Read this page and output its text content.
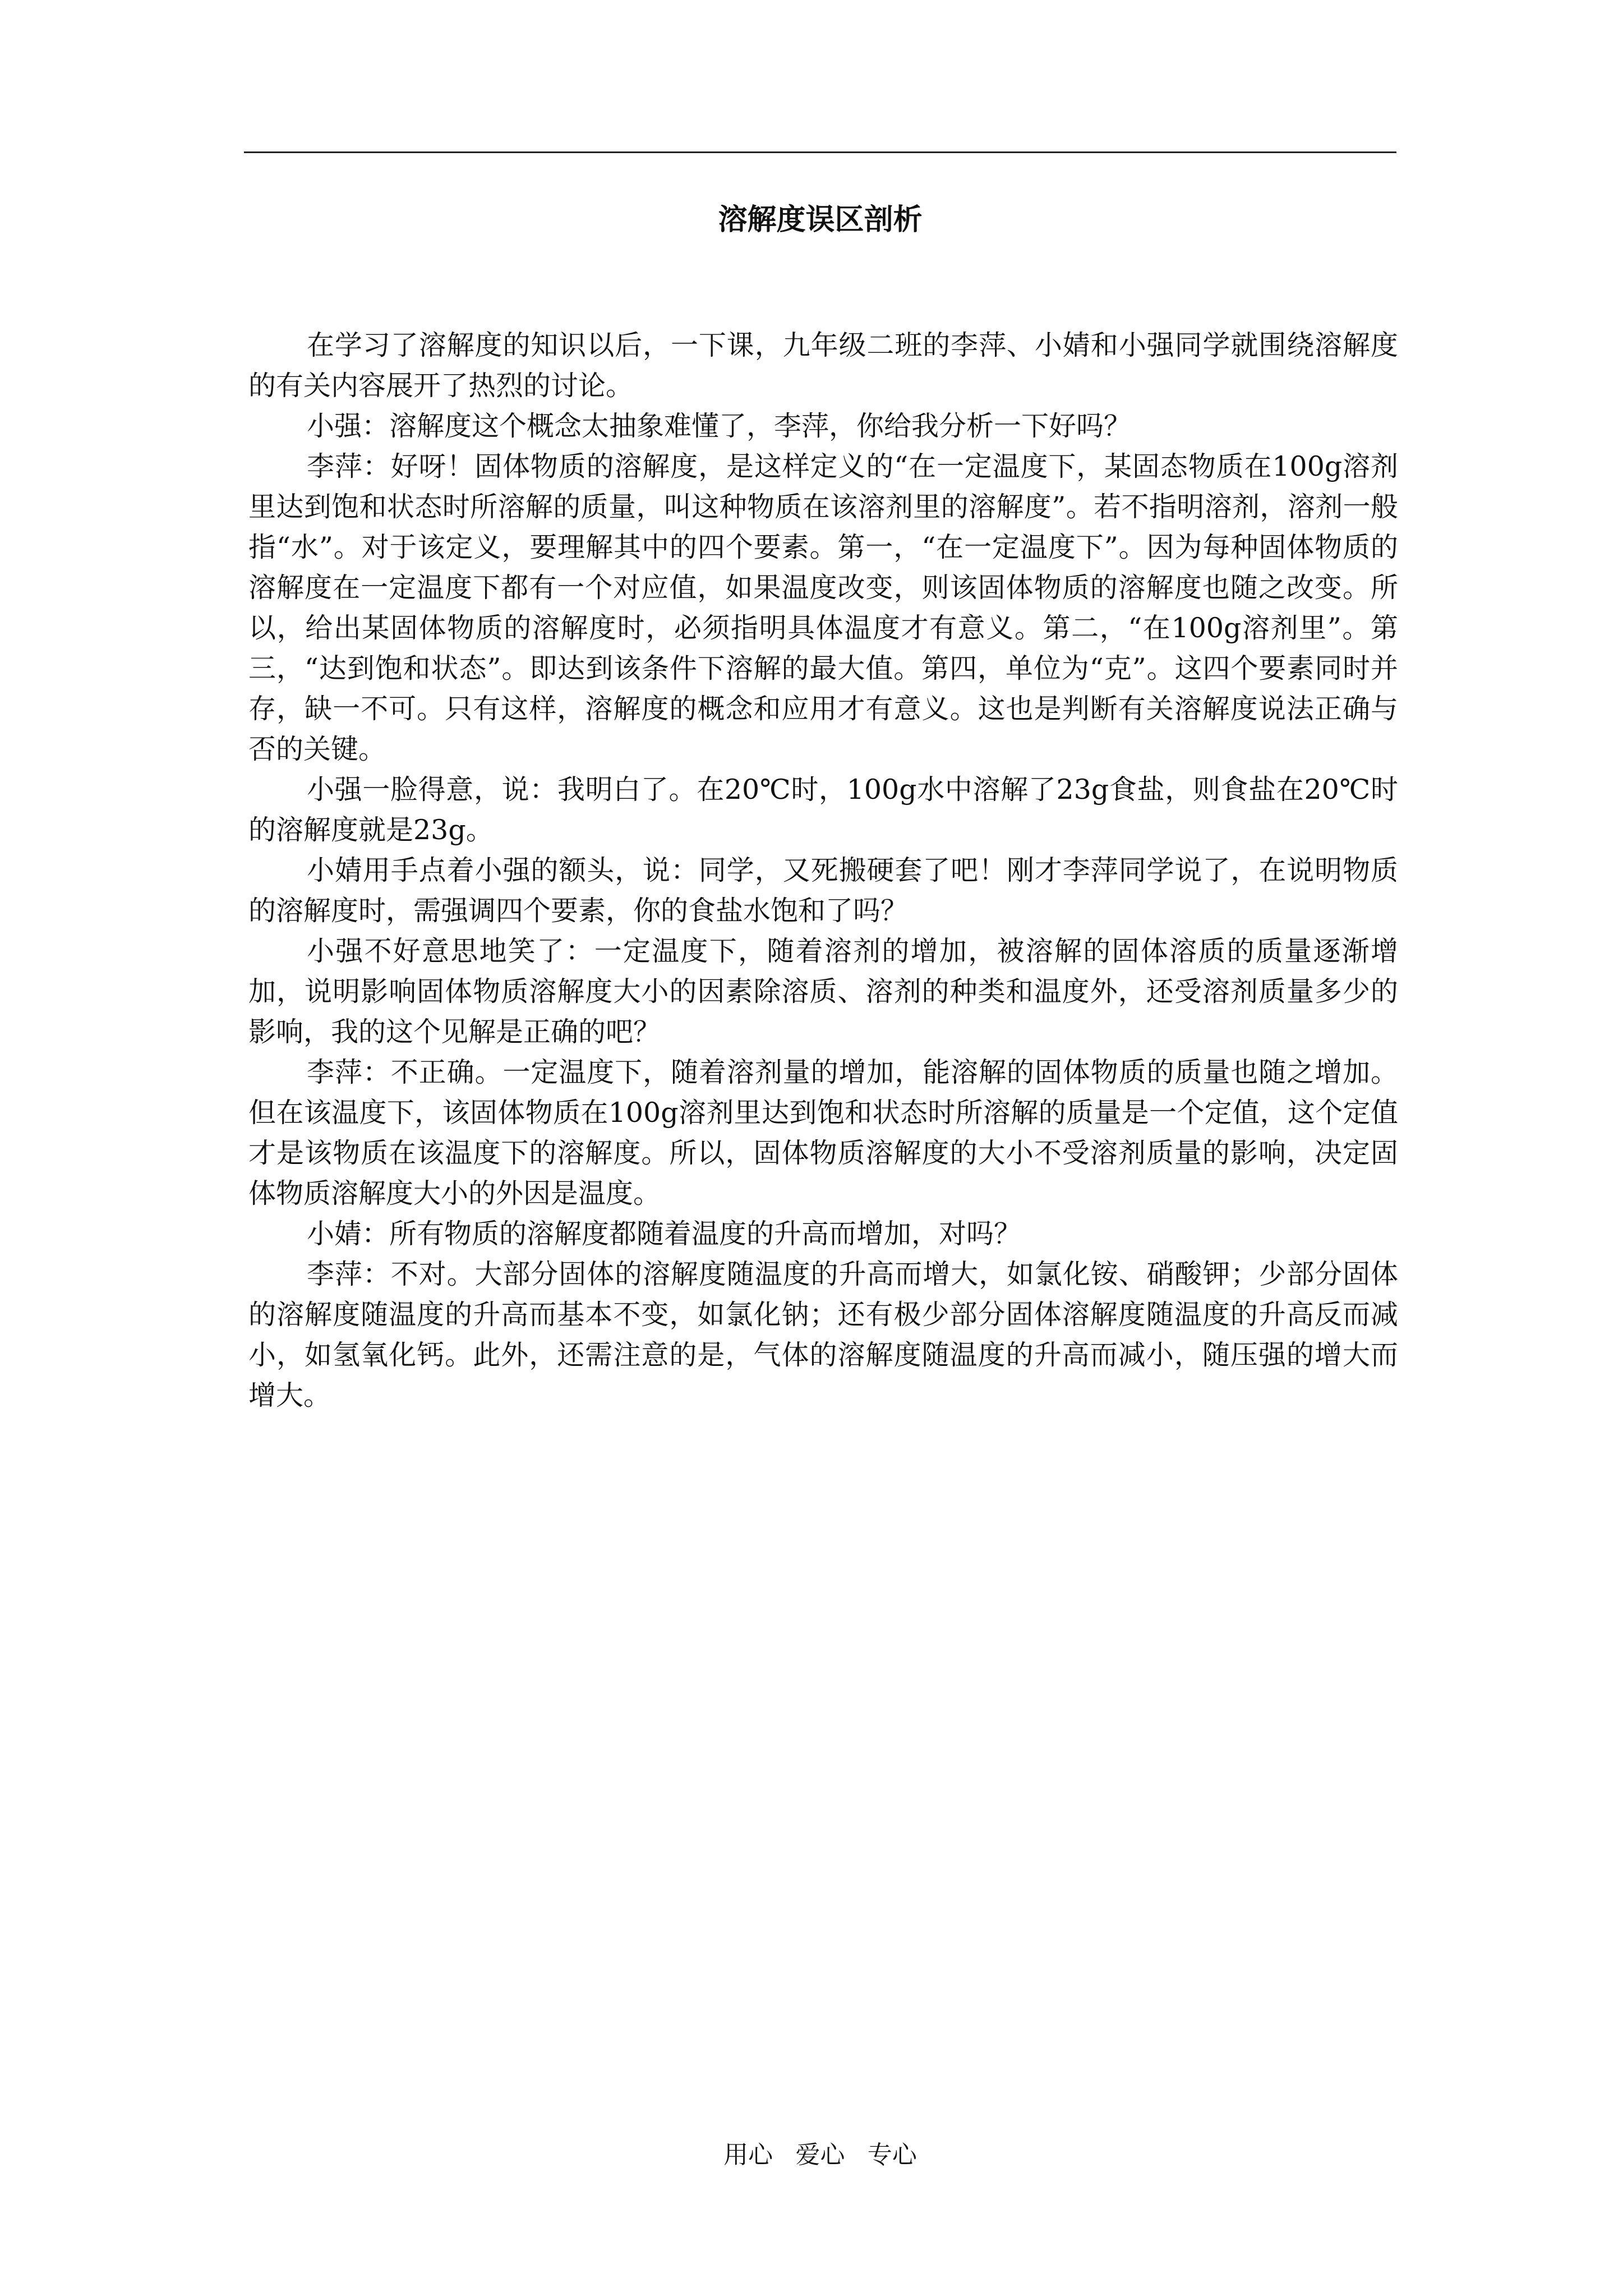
溶解度误区剖析

在学习了溶解度的知识以后，一下课，九年级二班的李萍、小婧和小强同学就围绕溶解度的有关内容展开了热烈的讨论。

小强：溶解度这个概念太抽象难懂了，李萍，你给我分析一下好吗？

李萍：好呀！固体物质的溶解度，是这样定义的“在一定温度下，某固态物质在100g溶剂里达到饱和状态时所溶解的质量，叫这种物质在该溶剂里的溶解度”。若不指明溶剂，溶剂一般指“水”。对于该定义，要理解其中的四个要素。第一，“在一定温度下”。因为每种固体物质的溶解度在一定温度下都有一个对应值，如果温度改变，则该固体物质的溶解度也随之改变。所以，给出某固体物质的溶解度时，必须指明具体温度才有意义。第二，“在100g溶剂里”。第三，“达到饱和状态”。即达到该条件下溶解的最大值。第四，单位为“克”。这四个要素同时并存，缺一不可。只有这样，溶解度的概念和应用才有意义。这也是判断有关溶解度说法正确与否的关键。

小强一脸得意，说：我明白了。在20℃时，100g水中溶解了23g食盐，则食盐在20℃时的溶解度就是23g。

小婧用手点着小强的额头，说：同学，又死搬硬套了吧！刚才李萍同学说了，在说明物质的溶解度时，需强调四个要素，你的食盐水饱和了吗？

小强不好意思地笑了：一定温度下，随着溶剂的增加，被溶解的固体溶质的质量逐渐增加，说明影响固体物质溶解度大小的因素除溶质、溶剂的种类和温度外，还受溶剂质量多少的影响，我的这个见解是正确的吧？

李萍：不正确。一定温度下，随着溶剂量的增加，能溶解的固体物质的质量也随之增加。但在该温度下，该固体物质在100g溶剂里达到饱和状态时所溶解的质量是一个定值，这个定值才是该物质在该温度下的溶解度。所以，固体物质溶解度的大小不受溶剂质量的影响，决定固体物质溶解度大小的外因是温度。

小婧：所有物质的溶解度都随着温度的升高而增加，对吗？

李萍：不对。大部分固体的溶解度随温度的升高而增大，如氯化铵、硝酸钾；少部分固体的溶解度随温度的升高而基本不变，如氯化钠；还有极少部分固体溶解度随温度的升高反而减小，如氢氧化钙。此外，还需注意的是，气体的溶解度随温度的升高而减小，随压强的增大而增大。

用心 爱心 专心
